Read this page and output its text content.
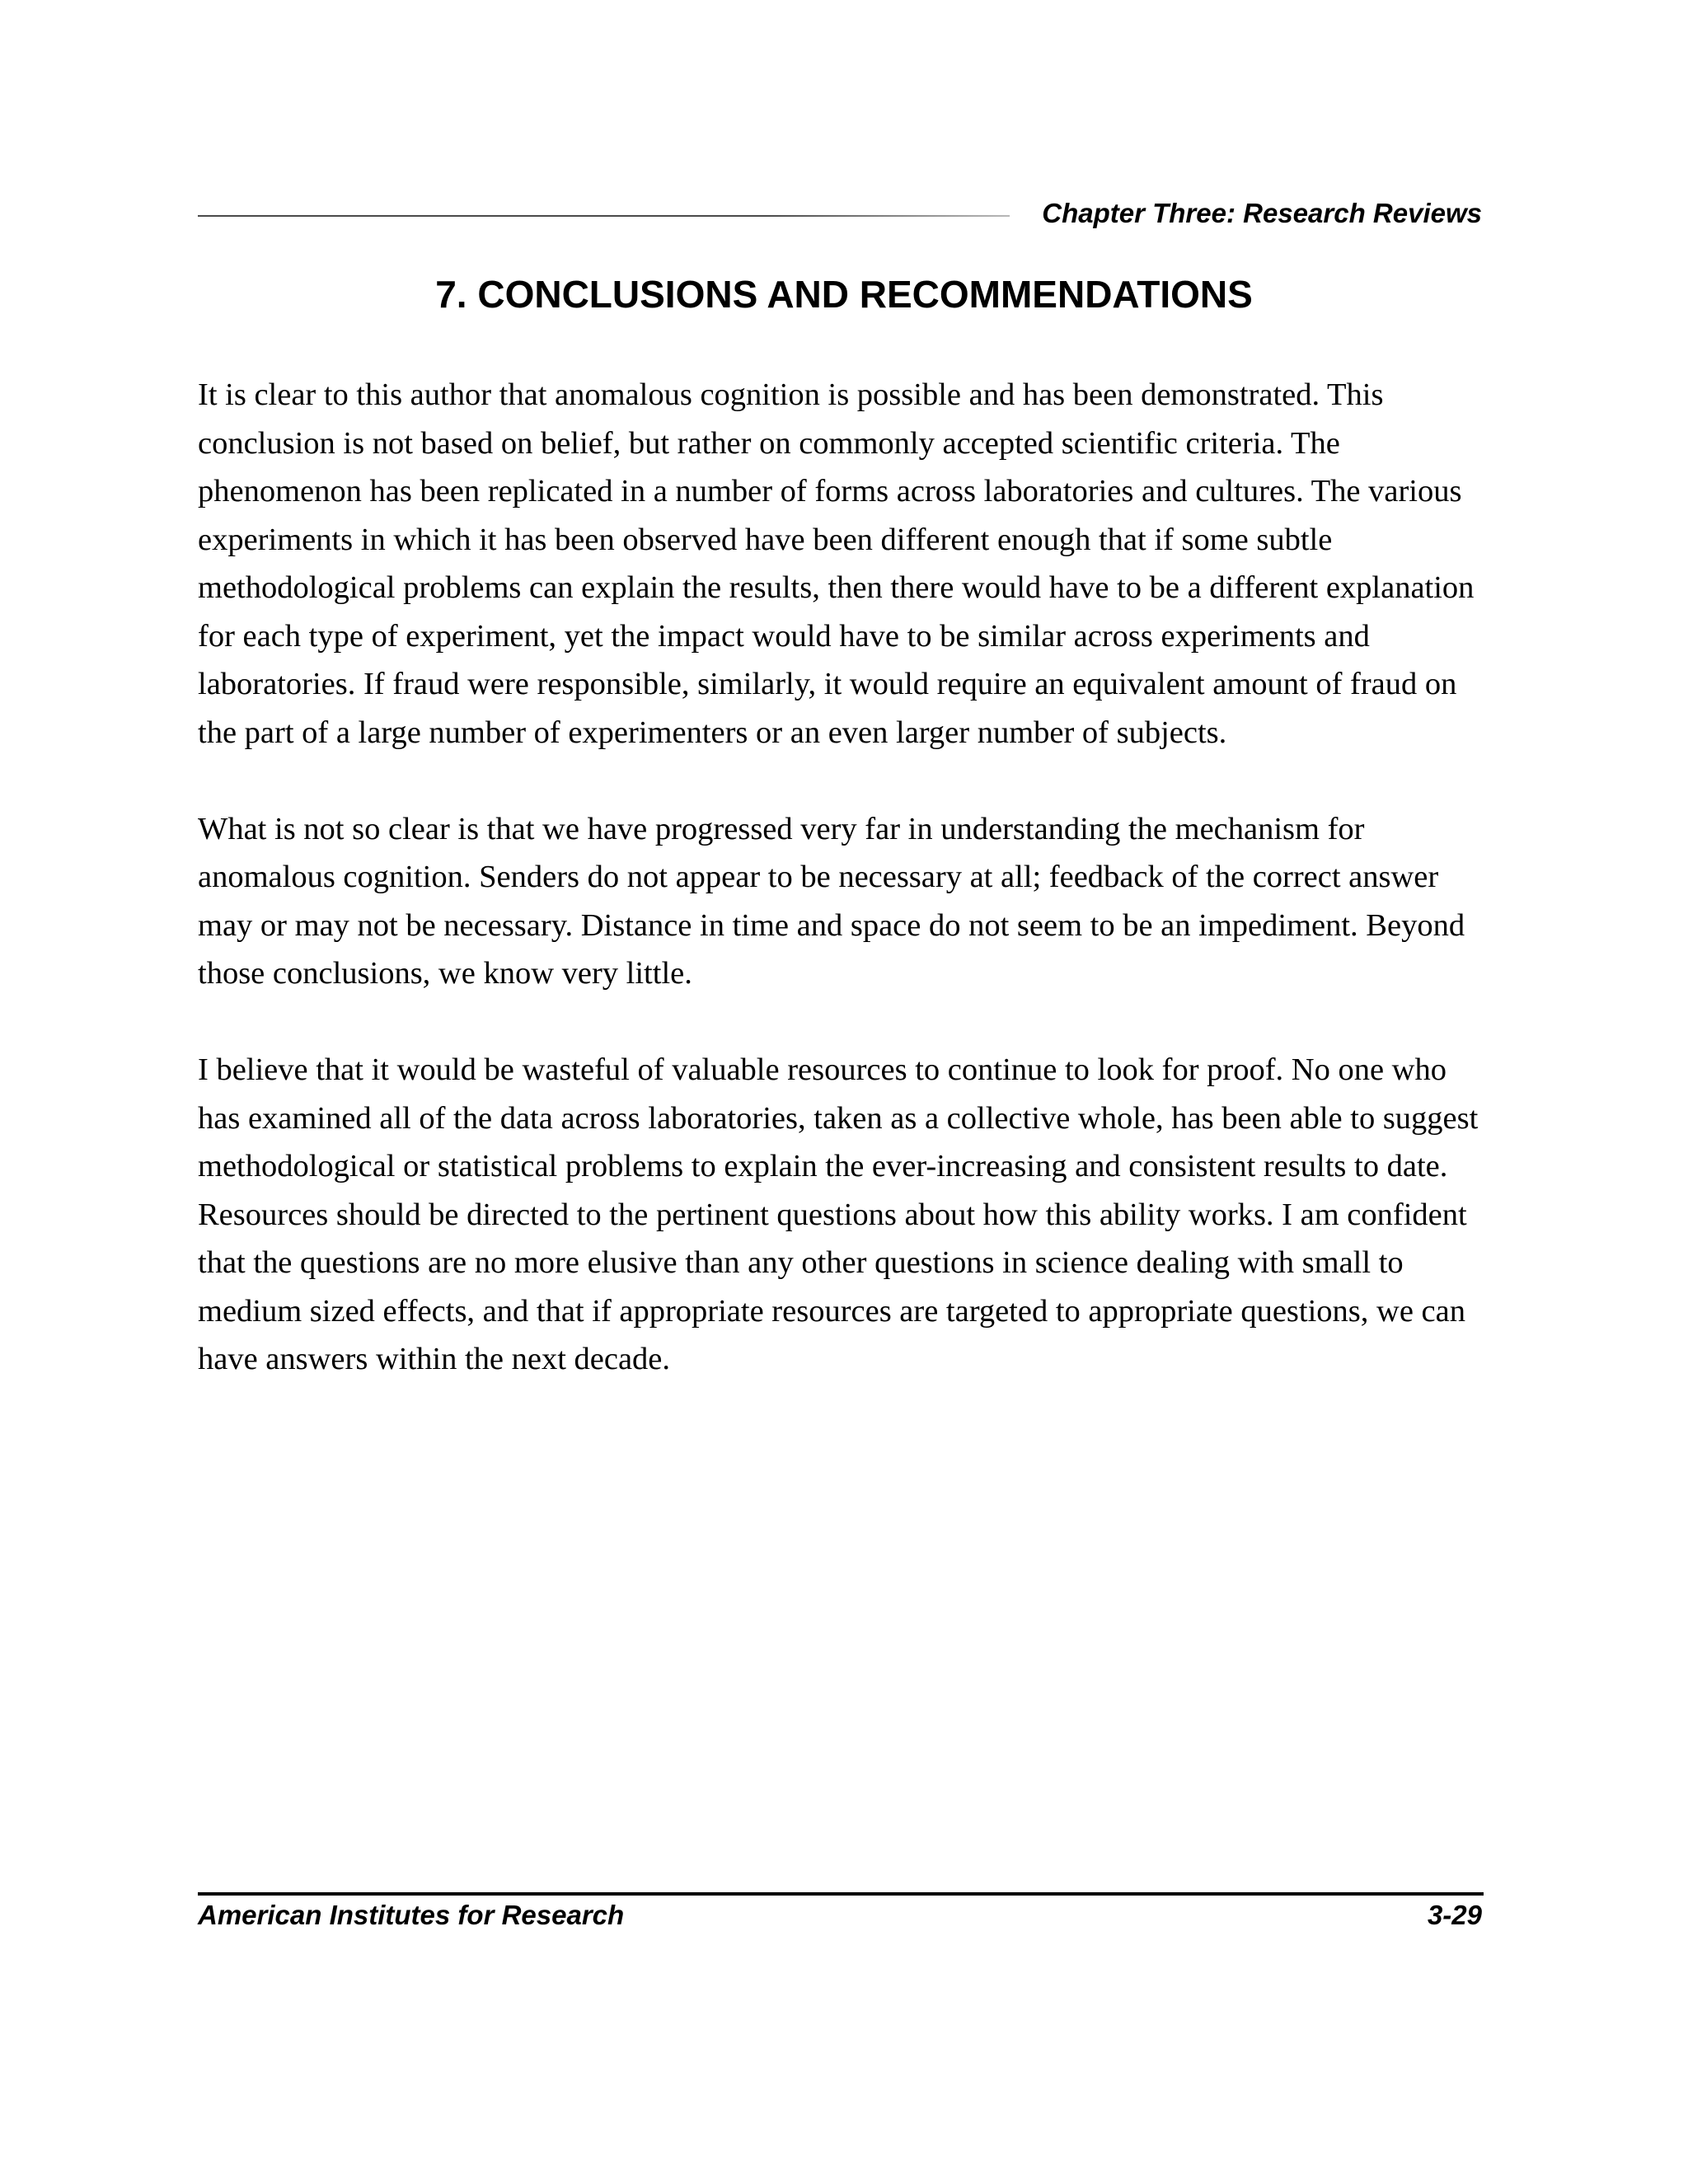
Chapter Three: Research Reviews
7. CONCLUSIONS AND RECOMMENDATIONS

It is clear to this author that anomalous cognition is possible and has been demonstrated. This conclusion is not based on belief, but rather on commonly accepted scientific criteria. The phenomenon has been replicated in a number of forms across laboratories and cultures. The various experiments in which it has been observed have been different enough that if some subtle methodological problems can explain the results, then there would have to be a different explanation for each type of experiment, yet the impact would have to be similar across experiments and laboratories. If fraud were responsible, similarly, it would require an equivalent amount of fraud on the part of a large number of experimenters or an even larger number of subjects.

What is not so clear is that we have progressed very far in understanding the mechanism for anomalous cognition. Senders do not appear to be necessary at all; feedback of the correct answer may or may not be necessary. Distance in time and space do not seem to be an impediment. Beyond those conclusions, we know very little.

I believe that it would be wasteful of valuable resources to continue to look for proof. No one who has examined all of the data across laboratories, taken as a collective whole, has been able to suggest methodological or statistical problems to explain the ever-increasing and consistent results to date. Resources should be directed to the pertinent questions about how this ability works. I am confident that the questions are no more elusive than any other questions in science dealing with small to medium sized effects, and that if appropriate resources are targeted to appropriate questions, we can have answers within the next decade.

American Institutes for Research	3-29
